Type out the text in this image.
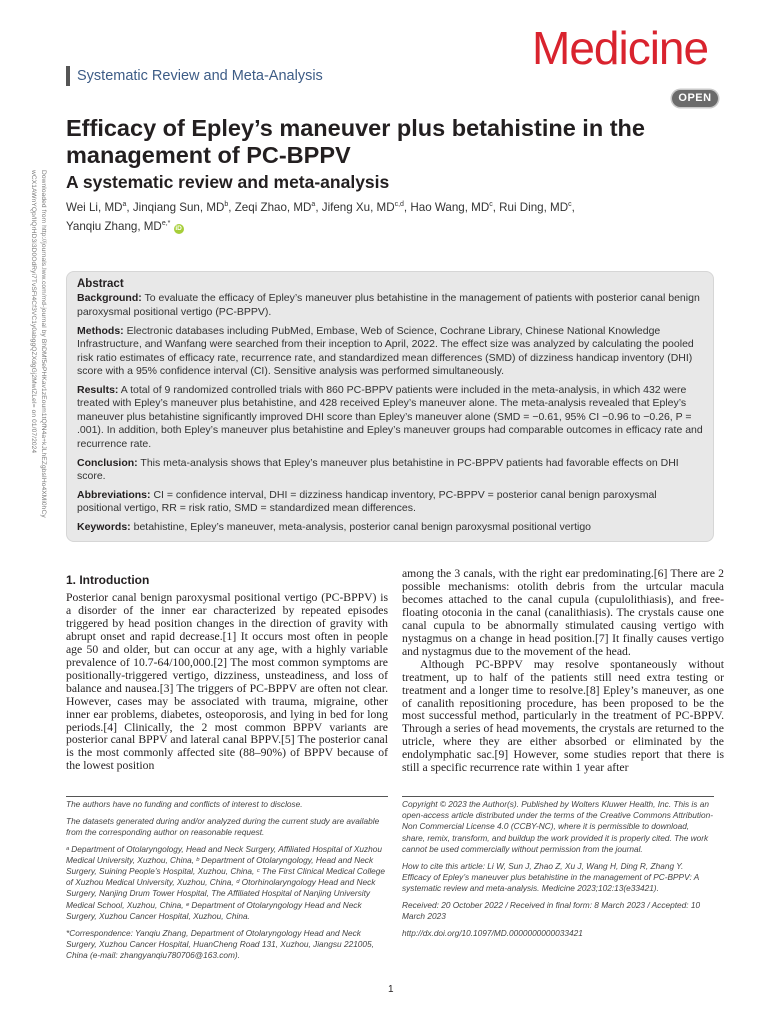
Downloaded from http://journals.lww.com/md-journal by BhDMf5ePHKav1zEoum1tQfN4a+kJLhEZgbsIHo4XMi0hCy wCX1AWnYQp/IlQrHD3i3D0OdRyi7TvSFl4Cf3VC1y0abggQZXdgGj2MwlZLeI= on 01/07/2024
Systematic Review and Meta-Analysis
Medicine
OPEN
Efficacy of Epley’s maneuver plus betahistine in the management of PC-BPPV
A systematic review and meta-analysis
Wei Li, $MD^a$, Jinqiang Sun, $MD^b$, Zeqi Zhao, $MD^a$, Jifeng Xu, MD$^{c,d}$, Hao Wang, $MD^c$, Rui Ding, $MD^c$,
Yanqiu Zhang, $MD^{e,*}$ iD
Abstract

Background: To evaluate the efficacy of Epley’s maneuver plus betahistine in the management of patients with posterior canal benign paroxysmal positional vertigo (PC-BPPV).

Methods: Electronic databases including PubMed, Embase, Web of Science, Cochrane Library, Chinese National Knowledge Infrastructure, and Wanfang were searched from their inception to April, 2022. The effect size was analyzed by calculating the pooled risk ratio estimates of efficacy rate, recurrence rate, and standardized mean differences (SMD) of dizziness handicap inventory (DHI) score with a 95% confidence interval (CI). Sensitive analysis was performed simultaneously.

Results: A total of 9 randomized controlled trials with 860 PC-BPPV patients were included in the meta-analysis, in which 432 were treated with Epley’s maneuver plus betahistine, and 428 received Epley’s maneuver alone. The meta-analysis revealed that Epley’s maneuver plus betahistine significantly improved DHI score than Epley’s maneuver alone (SMD = −0.61, 95% CI −0.96 to −0.26, P = .001). In addition, both Epley’s maneuver plus betahistine and Epley’s maneuver groups had comparable outcomes in efficacy rate and recurrence rate.

Conclusion: This meta-analysis shows that Epley’s maneuver plus betahistine in PC-BPPV patients had favorable effects on DHI score.

Abbreviations: CI = confidence interval, DHI = dizziness handicap inventory, PC-BPPV = posterior canal benign paroxysmal positional vertigo, RR = risk ratio, SMD = standardized mean differences.

Keywords: betahistine, Epley’s maneuver, meta-analysis, posterior canal benign paroxysmal positional vertigo

1. Introduction

Posterior canal benign paroxysmal positional vertigo (PC-BPPV) is a disorder of the inner ear characterized by repeated episodes triggered by head position changes in the direction of gravity with abrupt onset and rapid decrease.[1] It occurs most often in people age 50 and older, but can occur at any age, with a highly variable prevalence of 10.7-64/100,000.[2] The most common symptoms are positionally-triggered vertigo, dizziness, unsteadiness, and loss of balance and nausea.[3] The triggers of PC-BPPV are often not clear. However, cases may be associated with trauma, migraine, other inner ear problems, diabetes, osteoporosis, and lying in bed for long periods.[4] Clinically, the 2 most common BPPV variants are posterior canal BPPV and lateral canal BPPV.[5] The posterior canal is the most commonly affected site (88–90%) of BPPV because of the lowest position

among the 3 canals, with the right ear predominating.[6] There are 2 possible mechanisms: otolith debris from the urtcular macula becomes attached to the canal cupula (cupulolithiasis), and free-floating otoconia in the canal (canalithiasis). The crystals cause one canal cupula to be abnormally stimulated causing vertigo with nystagmus on a change in head position.[7] It finally causes vertigo and nystagmus due to the movement of the head.

Although PC-BPPV may resolve spontaneously without treatment, up to half of the patients still need extra testing or treatment and a longer time to resolve.[8] Epley’s maneuver, as one of canalith repositioning procedure, has been proposed to be the most successful method, particularly in the treatment of PC-BPPV. Through a series of head movements, the crystals are returned to the utricle, where they are either absorbed or eliminated by the endolymphatic sac.[9] However, some studies report that there is still a specific recurrence rate within 1 year after

The authors have no funding and conflicts of interest to disclose.

The datasets generated during and/or analyzed during the current study are available from the corresponding author on reasonable request.

ᵃ Department of Otolaryngology, Head and Neck Surgery, Affiliated Hospital of Xuzhou Medical University, Xuzhou, China, ᵇ Department of Otolaryngology, Head and Neck Surgery, Suining People’s Hospital, Xuzhou, China, ᶜ The First Clinical Medical College of Xuzhou Medical University, Xuzhou, China, ᵈ Otorhinolaryngology Head and Neck Surgery, Nanjing Drum Tower Hospital, The Affiliated Hospital of Nanjing University Medical School, Xuzhou, China, ᵉ Department of Otolaryngology Head and Neck Surgery, Xuzhou Cancer Hospital, Xuzhou, China.

*Correspondence: Yanqiu Zhang, Department of Otolaryngology Head and Neck Surgery, Xuzhou Cancer Hospital, HuanCheng Road 131, Xuzhou, Jiangsu 221005, China (e-mail: zhangyanqiu780706@163.com).

Copyright © 2023 the Author(s). Published by Wolters Kluwer Health, Inc. This is an open-access article distributed under the terms of the Creative Commons Attribution-Non Commercial License 4.0 (CCBY-NC), where it is permissible to download, share, remix, transform, and buildup the work provided it is properly cited. The work cannot be used commercially without permission from the journal.

How to cite this article: Li W, Sun J, Zhao Z, Xu J, Wang H, Ding R, Zhang Y. Efficacy of Epley’s maneuver plus betahistine in the management of PC-BPPV: A systematic review and meta-analysis. Medicine 2023;102:13(e33421).

Received: 20 October 2022 / Received in final form: 8 March 2023 / Accepted: 10 March 2023

http://dx.doi.org/10.1097/MD.0000000000033421

1
